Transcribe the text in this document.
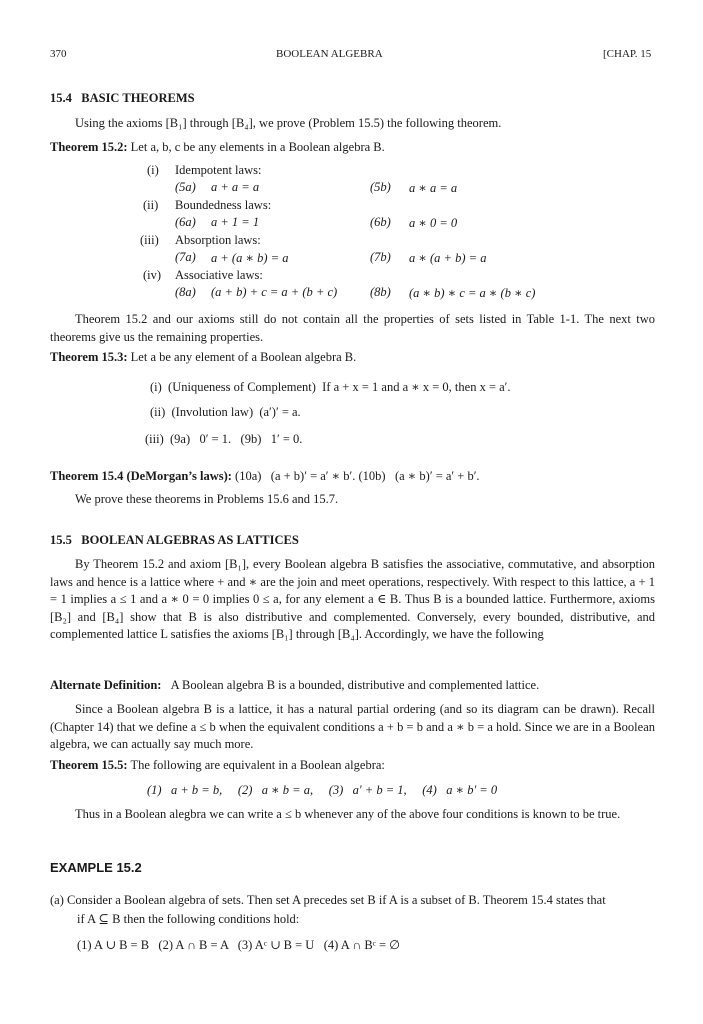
370	BOOLEAN ALGEBRA	[CHAP. 15
15.4   BASIC THEOREMS
Using the axioms [B₁] through [B₄], we prove (Problem 15.5) the following theorem.
Theorem 15.2: Let a, b, c be any elements in a Boolean algebra B.
(i) Idempotent laws:
(5a) a + a = a	(5b) a ∗ a = a
(ii) Boundedness laws:
(6a) a + 1 = 1	(6b) a ∗ 0 = 0
(iii) Absorption laws:
(7a) a + (a ∗ b) = a	(7b) a ∗ (a + b) = a
(iv) Associative laws:
(8a) (a + b) + c = a + (b + c)	(8b) (a ∗ b) ∗ c = a ∗ (b ∗ c)
Theorem 15.2 and our axioms still do not contain all the properties of sets listed in Table 1-1. The next two theorems give us the remaining properties.
Theorem 15.3: Let a be any element of a Boolean algebra B.
(i)  (Uniqueness of Complement)  If a + x = 1 and a ∗ x = 0, then x = a′.
(ii)  (Involution law)  (a′)′ = a.
(iii)  (9a)   0′ = 1.   (9b)   1′ = 0.
Theorem 15.4 (DeMorgan’s laws): (10a)   (a + b)′ = a′ ∗ b′. (10b)   (a ∗ b)′ = a′ + b′.
We prove these theorems in Problems 15.6 and 15.7.
15.5   BOOLEAN ALGEBRAS AS LATTICES
By Theorem 15.2 and axiom [B₁], every Boolean algebra B satisfies the associative, commutative, and absorption laws and hence is a lattice where + and ∗ are the join and meet operations, respectively. With respect to this lattice, a + 1 = 1 implies a ≤ 1 and a ∗ 0 = 0 implies 0 ≤ a, for any element a ∈ B. Thus B is a bounded lattice. Furthermore, axioms [B₂] and [B₄] show that B is also distributive and complemented. Conversely, every bounded, distributive, and complemented lattice L satisfies the axioms [B₁] through [B₄]. Accordingly, we have the following
Alternate Definition: A Boolean algebra B is a bounded, distributive and complemented lattice.
Since a Boolean algebra B is a lattice, it has a natural partial ordering (and so its diagram can be drawn). Recall (Chapter 14) that we define a ≤ b when the equivalent conditions a + b = b and a ∗ b = a hold. Since we are in a Boolean algebra, we can actually say much more.
Theorem 15.5: The following are equivalent in a Boolean algebra:
(1)   a + b = b,     (2)   a ∗ b = a,     (3)   a′ + b = 1,     (4)   a ∗ b′ = 0
Thus in a Boolean alegbra we can write a ≤ b whenever any of the above four conditions is known to be true.
EXAMPLE 15.2
(a) Consider a Boolean algebra of sets. Then set A precedes set B if A is a subset of B. Theorem 15.4 states that
if A ⊆ B then the following conditions hold:
(1) A ∪ B = B   (2) A ∩ B = A   (3) Aᶜ ∪ B = U   (4) A ∩ Bᶜ = ∅
